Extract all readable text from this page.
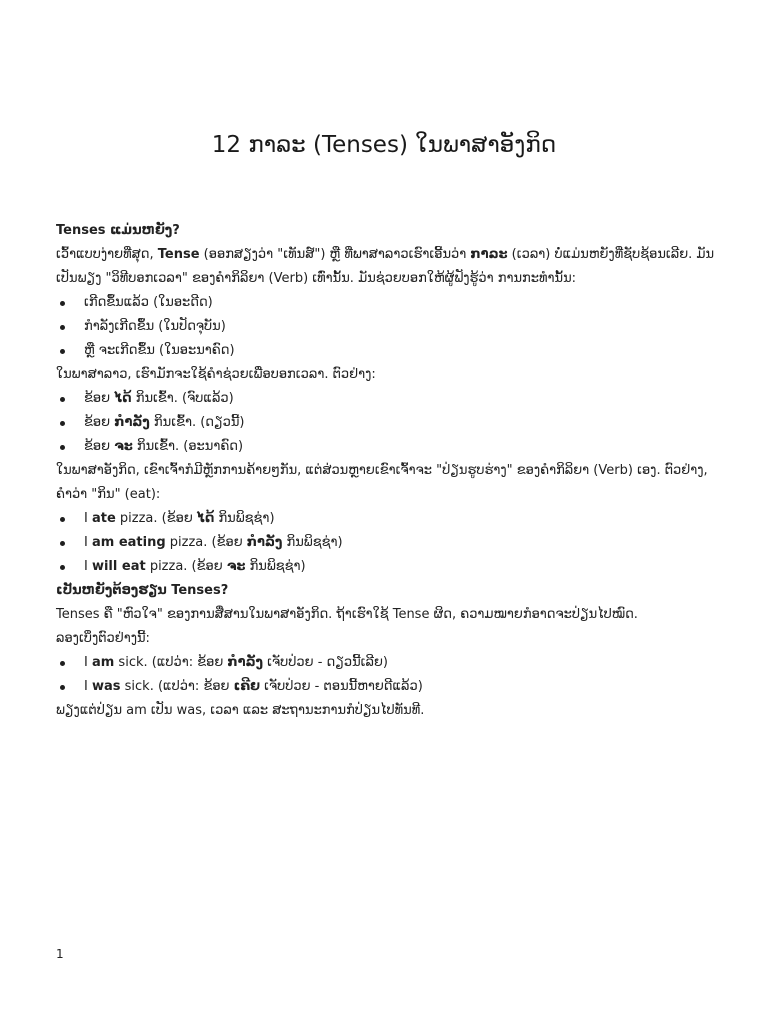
12 ກາລະ (Tenses) ໃນພາສາອັງກິດ
Tenses ແມ່ນຫຍັງ?

ເວົ້າແບບງ່າຍທີ່ສຸດ, Tense (ອອກສຽງວ່າ "ເທັນສ໌") ຫຼື ທີ່ພາສາລາວເຮົາເອີ້ນວ່າ ກາລະ (ເວລາ) ບໍ່ແມ່ນຫຍັງທີ່ຊັບຊ້ອນເລີຍ. ມັນເປັນພຽງ "ວິທີບອກເວລາ" ຂອງຄຳກິລິຍາ (Verb) ເທົ່ານັ້ນ. ມັນຊ່ວຍບອກໃຫ້ຜູ້ຟັງຮູ້ວ່າ ການກະທຳນັ້ນ:

ເກີດຂຶ້ນແລ້ວ (ໃນອະດີດ)
ກຳລັງເກີດຂຶ້ນ (ໃນປັດຈຸບັນ)
ຫຼື ຈະເກີດຂຶ້ນ (ໃນອະນາຄົດ)

ໃນພາສາລາວ, ເຮົາມັກຈະໃຊ້ຄຳຊ່ວຍເພື່ອບອກເວລາ. ຕົວຢ່າງ:

ຂ້ອຍ ໄດ້ ກິນເຂົ້າ. (ຈົບແລ້ວ)
ຂ້ອຍ ກຳລັງ ກິນເຂົ້າ. (ດຽວນີ້)
ຂ້ອຍ ຈະ ກິນເຂົ້າ. (ອະນາຄົດ)

ໃນພາສາອັງກິດ, ເຂົາເຈົ້າກໍມີຫຼັກການຄ້າຍໆກັນ, ແຕ່ສ່ວນຫຼາຍເຂົາເຈົ້າຈະ "ປ່ຽນຮູບຮ່າງ" ຂອງຄຳກິລິຍາ (Verb) ເອງ. ຕົວຢ່າງ, ຄຳວ່າ "ກິນ" (eat):

I ate pizza. (ຂ້ອຍ ໄດ້ ກິນພິຊຊ່າ)
I am eating pizza. (ຂ້ອຍ ກຳລັງ ກິນພິຊຊ່າ)
I will eat pizza. (ຂ້ອຍ ຈະ ກິນພິຊຊ່າ)
ເປັນຫຍັງຕ້ອງຮຽນ Tenses?

Tenses ຄື "ຫົວໃຈ" ຂອງການສື່ສານໃນພາສາອັງກິດ. ຖ້າເຮົາໃຊ້ Tense ຜິດ, ຄວາມໝາຍກໍອາດຈະປ່ຽນໄປໝົດ.

ລອງເບິ່ງຕົວຢ່າງນີ້:

I am sick. (ແປວ່າ: ຂ້ອຍ ກຳລັງ ເຈັບປ່ວຍ - ດຽວນີ້ເລີຍ)
I was sick. (ແປວ່າ: ຂ້ອຍ ເຄີຍ ເຈັບປ່ວຍ - ຕອນນີ້ຫາຍດີແລ້ວ)

ພຽງແຕ່ປ່ຽນ am ເປັນ was, ເວລາ ແລະ ສະຖານະການກໍປ່ຽນໄປທັນທີ.

1
